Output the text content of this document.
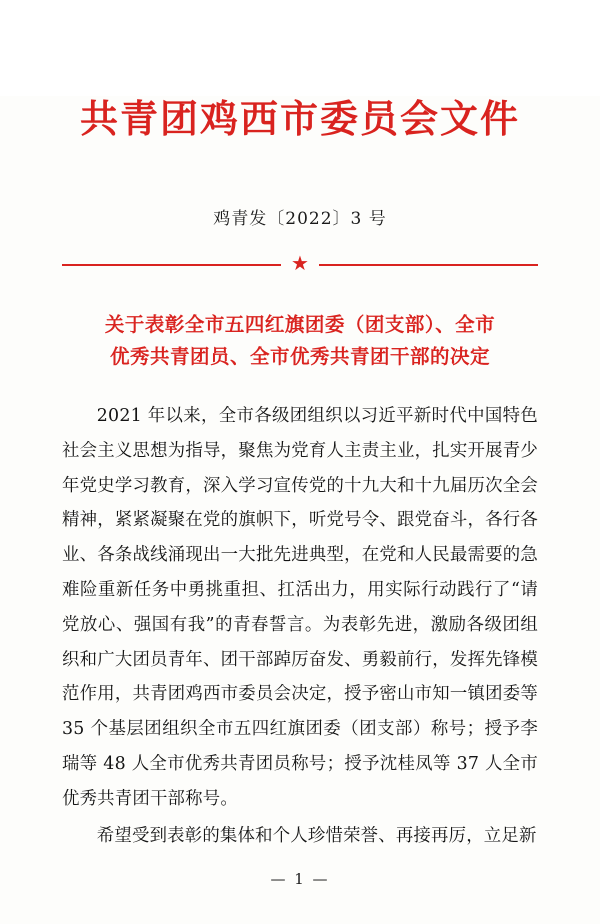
共青团鸡西市委员会文件
鸡青发〔2022〕3 号
★
关于表彰全市五四红旗团委（团支部）、全市
优秀共青团员、全市优秀共青团干部的决定

2021 年以来，全市各级团组织以习近平新时代中国特色社会主义思想为指导，聚焦为党育人主责主业，扎实开展青少年党史学习教育，深入学习宣传党的十九大和十九届历次全会精神，紧紧凝聚在党的旗帜下，听党号令、跟党奋斗，各行各业、各条战线涌现出一大批先进典型，在党和人民最需要的急难险重新任务中勇挑重担、扛活出力，用实际行动践行了“请党放心、强国有我”的青春誓言。为表彰先进，激励各级团组织和广大团员青年、团干部踔厉奋发、勇毅前行，发挥先锋模范作用，共青团鸡西市委员会决定，授予密山市知一镇团委等 35 个基层团组织全市五四红旗团委（团支部）称号；授予李瑞等 48 人全市优秀共青团员称号；授予沈桂凤等 37 人全市优秀共青团干部称号。

希望受到表彰的集体和个人珍惜荣誉、再接再厉，立足新

— 1 —
